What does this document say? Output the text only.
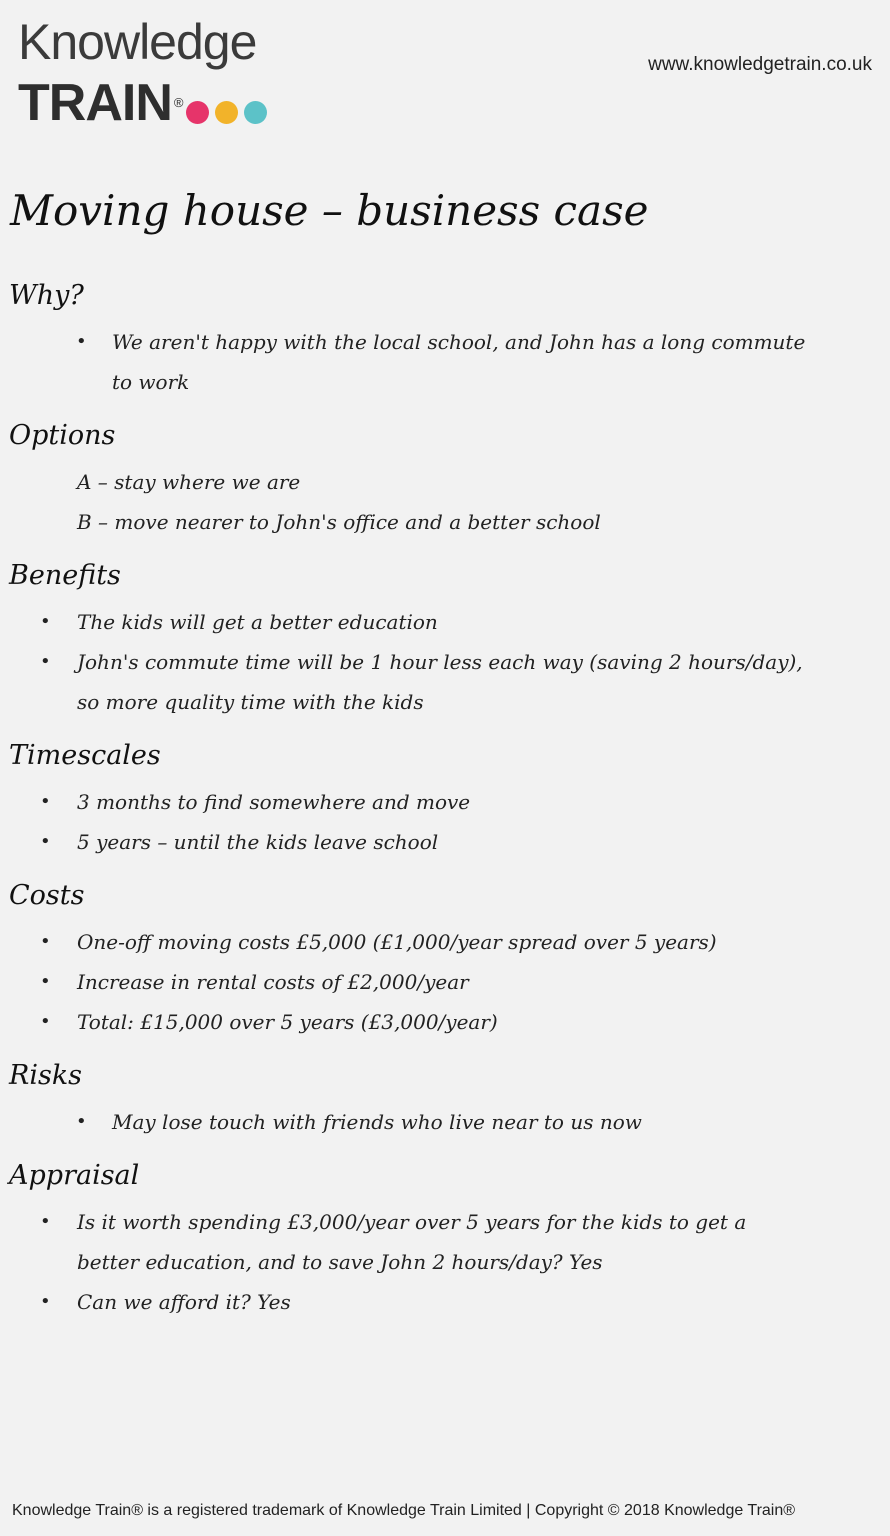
Knowledge
TRAIN ®
www.knowledgetrain.co.uk
Moving house – business case
Why?
• We aren't happy with the local school, and John has a long commute
to work
Options
A – stay where we are
B – move nearer to John's office and a better school
Benefits
• The kids will get a better education
• John's commute time will be 1 hour less each way (saving 2 hours/day),
so more quality time with the kids
Timescales
• 3 months to find somewhere and move
• 5 years – until the kids leave school
Costs
• One-off moving costs £5,000 (£1,000/year spread over 5 years)
• Increase in rental costs of £2,000/year
• Total: £15,000 over 5 years (£3,000/year)
Risks
• May lose touch with friends who live near to us now
Appraisal
• Is it worth spending £3,000/year over 5 years for the kids to get a
better education, and to save John 2 hours/day? Yes
• Can we afford it? Yes
Knowledge Train® is a registered trademark of Knowledge Train Limited | Copyright © 2018 Knowledge Train®
